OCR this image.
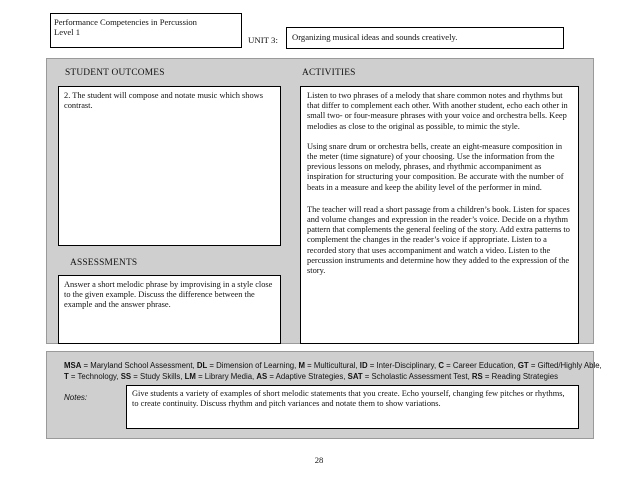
Performance Competencies in Percussion
Level 1
UNIT 3:	Organizing musical ideas and sounds creatively.
STUDENT OUTCOMES	ACTIVITIES

2. The student will compose and notate music which shows contrast.

Listen to two phrases of a melody that share common notes and rhythms but that differ to complement each other. With another student, echo each other in small two- or four-measure phrases with your voice and orchestra bells. Keep melodies as close to the original as possible, to mimic the style.

Using snare drum or orchestra bells, create an eight-measure composition in the meter (time signature) of your choosing. Use the information from the previous lessons on melody, phrases, and rhythmic accompaniment as inspiration for structuring your composition. Be accurate with the number of beats in a measure and keep the ability level of the performer in mind.

The teacher will read a short passage from a children’s book. Listen for spaces and volume changes and expression in the reader’s voice. Decide on a rhythm pattern that complements the general feeling of the story. Add extra patterns to complement the changes in the reader’s voice if appropriate. Listen to a recorded story that uses accompaniment and watch a video. Listen to the percussion instruments and determine how they added to the expression of the story.

ASSESSMENTS

Answer a short melodic phrase by improvising in a style close to the given example. Discuss the difference between the example and the answer phrase.

MSA = Maryland School Assessment, DL = Dimension of Learning, M = Multicultural, ID = Inter-Disciplinary, C = Career Education, GT = Gifted/Highly Able,
T = Technology, SS = Study Skills, LM = Library Media, AS = Adaptive Strategies, SAT = Scholastic Assessment Test, RS = Reading Strategies
Notes:	Give students a variety of examples of short melodic statements that you create. Echo yourself, changing few pitches or rhythms, to create continuity. Discuss rhythm and pitch variances and notate them to show variations.

28
